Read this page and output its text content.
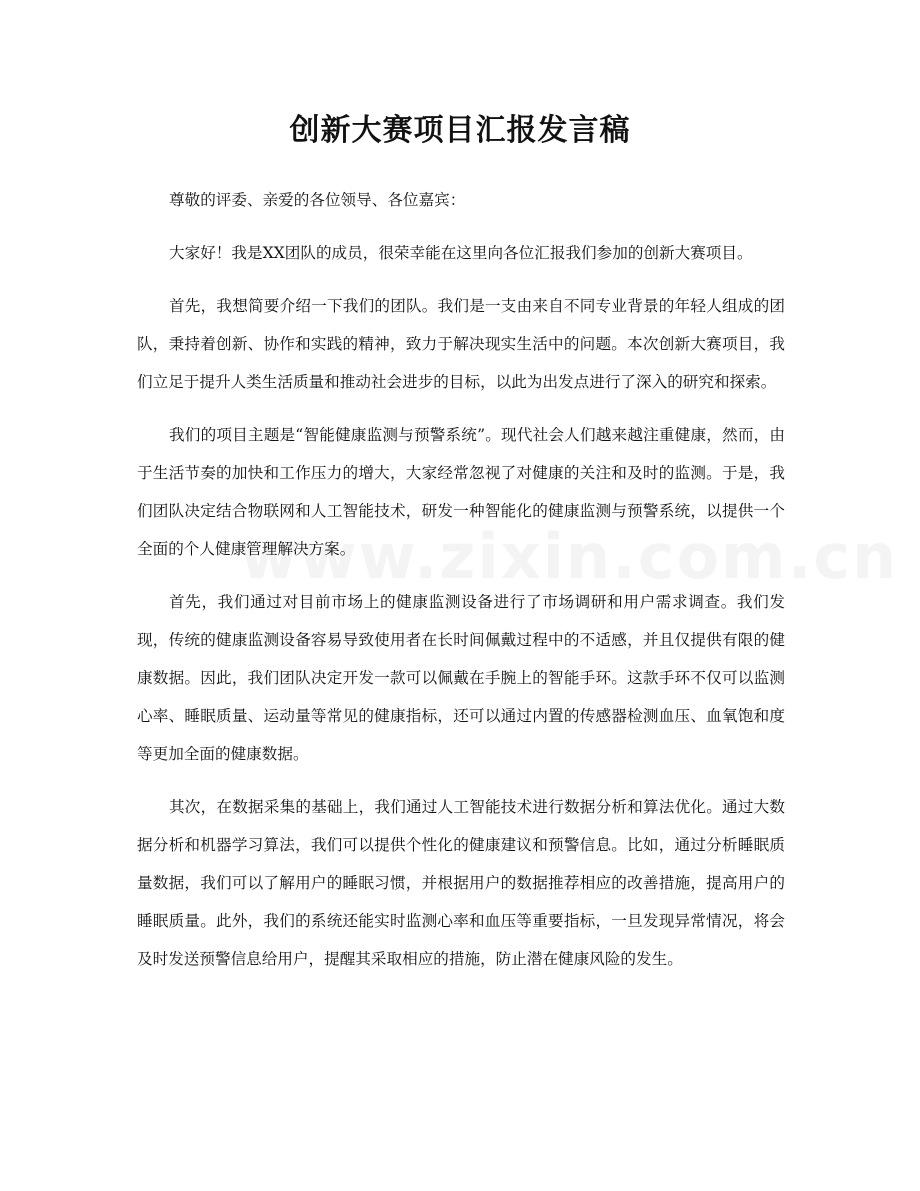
创新大赛项目汇报发言稿

尊敬的评委、亲爱的各位领导、各位嘉宾：

大家好！我是XX团队的成员，很荣幸能在这里向各位汇报我们参加的创新大赛项目。

首先，我想简要介绍一下我们的团队。我们是一支由来自不同专业背景的年轻人组成的团队，秉持着创新、协作和实践的精神，致力于解决现实生活中的问题。本次创新大赛项目，我们立足于提升人类生活质量和推动社会进步的目标，以此为出发点进行了深入的研究和探索。

我们的项目主题是“智能健康监测与预警系统”。现代社会人们越来越注重健康，然而，由于生活节奏的加快和工作压力的增大，大家经常忽视了对健康的关注和及时的监测。于是，我们团队决定结合物联网和人工智能技术，研发一种智能化的健康监测与预警系统，以提供一个全面的个人健康管理解决方案。

首先，我们通过对目前市场上的健康监测设备进行了市场调研和用户需求调查。我们发现，传统的健康监测设备容易导致使用者在长时间佩戴过程中的不适感，并且仅提供有限的健康数据。因此，我们团队决定开发一款可以佩戴在手腕上的智能手环。这款手环不仅可以监测心率、睡眠质量、运动量等常见的健康指标，还可以通过内置的传感器检测血压、血氧饱和度等更加全面的健康数据。

其次，在数据采集的基础上，我们通过人工智能技术进行数据分析和算法优化。通过大数据分析和机器学习算法，我们可以提供个性化的健康建议和预警信息。比如，通过分析睡眠质量数据，我们可以了解用户的睡眠习惯，并根据用户的数据推荐相应的改善措施，提高用户的睡眠质量。此外，我们的系统还能实时监测心率和血压等重要指标，一旦发现异常情况，将会及时发送预警信息给用户，提醒其采取相应的措施，防止潜在健康风险的发生。
